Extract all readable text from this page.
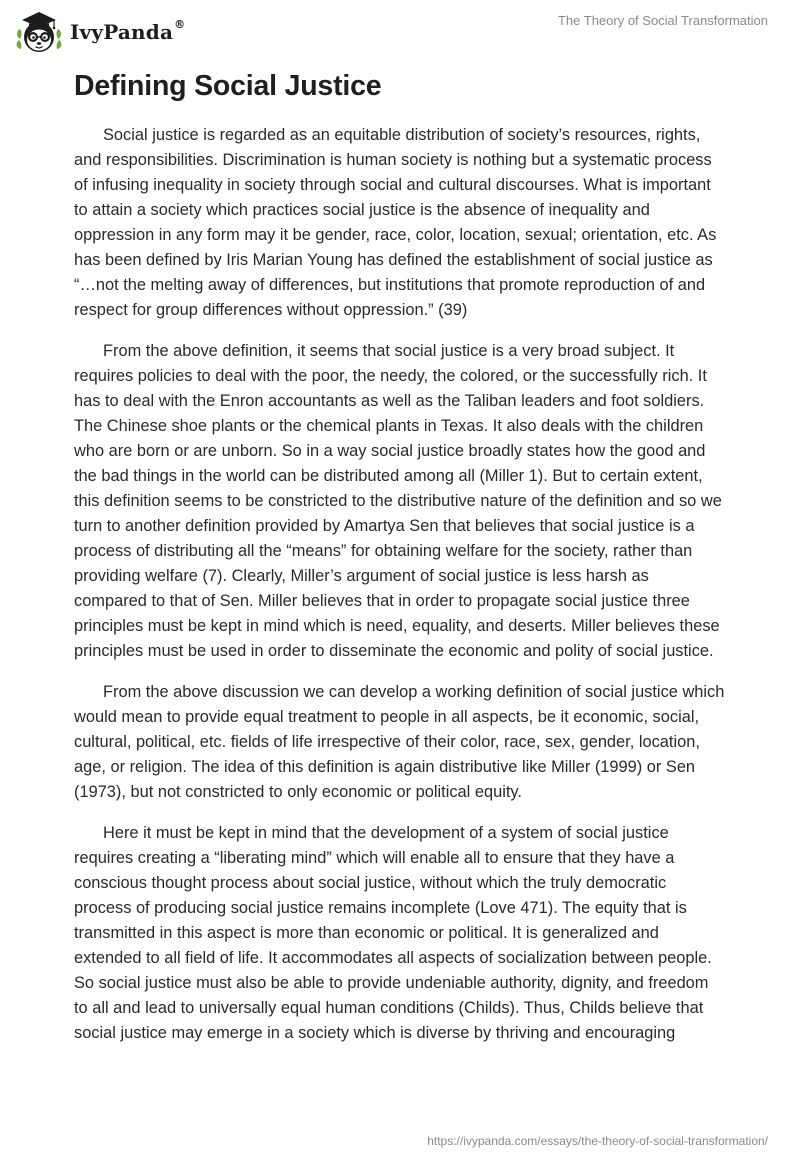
IvyPanda®	The Theory of Social Transformation
Defining Social Justice

Social justice is regarded as an equitable distribution of society’s resources, rights, and responsibilities. Discrimination is human society is nothing but a systematic process of infusing inequality in society through social and cultural discourses. What is important to attain a society which practices social justice is the absence of inequality and oppression in any form may it be gender, race, color, location, sexual; orientation, etc. As has been defined by Iris Marian Young has defined the establishment of social justice as “…not the melting away of differences, but institutions that promote reproduction of and respect for group differences without oppression.” (39)

From the above definition, it seems that social justice is a very broad subject. It requires policies to deal with the poor, the needy, the colored, or the successfully rich. It has to deal with the Enron accountants as well as the Taliban leaders and foot soldiers. The Chinese shoe plants or the chemical plants in Texas. It also deals with the children who are born or are unborn. So in a way social justice broadly states how the good and the bad things in the world can be distributed among all (Miller 1). But to certain extent, this definition seems to be constricted to the distributive nature of the definition and so we turn to another definition provided by Amartya Sen that believes that social justice is a process of distributing all the “means” for obtaining welfare for the society, rather than providing welfare (7). Clearly, Miller’s argument of social justice is less harsh as compared to that of Sen. Miller believes that in order to propagate social justice three principles must be kept in mind which is need, equality, and deserts. Miller believes these principles must be used in order to disseminate the economic and polity of social justice.

From the above discussion we can develop a working definition of social justice which would mean to provide equal treatment to people in all aspects, be it economic, social, cultural, political, etc. fields of life irrespective of their color, race, sex, gender, location, age, or religion. The idea of this definition is again distributive like Miller (1999) or Sen (1973), but not constricted to only economic or political equity.

Here it must be kept in mind that the development of a system of social justice requires creating a “liberating mind” which will enable all to ensure that they have a conscious thought process about social justice, without which the truly democratic process of producing social justice remains incomplete (Love 471). The equity that is transmitted in this aspect is more than economic or political. It is generalized and extended to all field of life. It accommodates all aspects of socialization between people. So social justice must also be able to provide undeniable authority, dignity, and freedom to all and lead to universally equal human conditions (Childs). Thus, Childs believe that social justice may emerge in a society which is diverse by thriving and encouraging

https://ivypanda.com/essays/the-theory-of-social-transformation/
